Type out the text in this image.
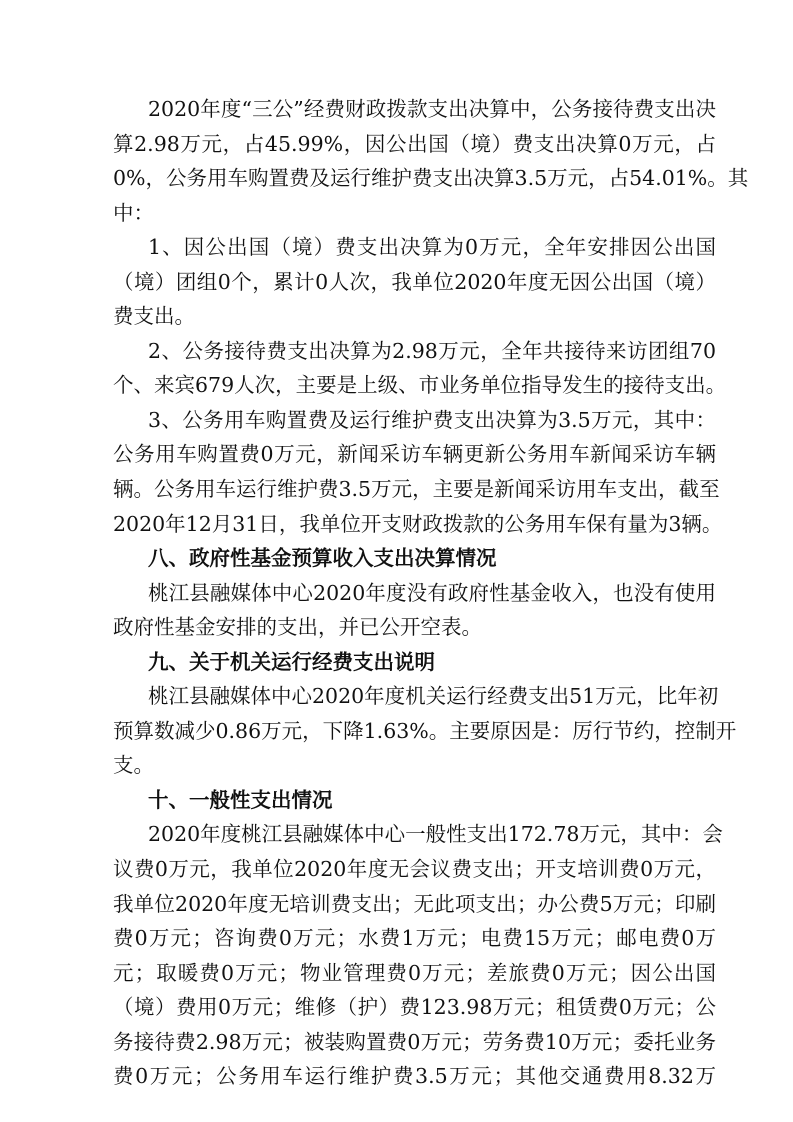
2020年度“三公”经费财政拨款支出决算中，公务接待费支出决
算2.98万元，占45.99%，因公出国（境）费支出决算0万元，占
0%，公务用车购置费及运行维护费支出决算3.5万元，占54.01%。其
中：
1、因公出国（境）费支出决算为0万元，全年安排因公出国
（境）团组0个，累计0人次，我单位2020年度无因公出国（境）
费支出。
2、公务接待费支出决算为2.98万元，全年共接待来访团组70
个、来宾679人次，主要是上级、市业务单位指导发生的接待支出。
3、公务用车购置费及运行维护费支出决算为3.5万元，其中：
公务用车购置费0万元，新闻采访车辆更新公务用车新闻采访车辆
辆。公务用车运行维护费3.5万元，主要是新闻采访用车支出，截至
2020年12月31日，我单位开支财政拨款的公务用车保有量为3辆。
八、政府性基金预算收入支出决算情况
桃江县融媒体中心2020年度没有政府性基金收入，也没有使用
政府性基金安排的支出，并已公开空表。
九、关于机关运行经费支出说明
桃江县融媒体中心2020年度机关运行经费支出51万元，比年初
预算数减少0.86万元，下降1.63%。主要原因是：厉行节约，控制开
支。
十、一般性支出情况
2020年度桃江县融媒体中心一般性支出172.78万元，其中：会
议费0万元，我单位2020年度无会议费支出；开支培训费0万元，
我单位2020年度无培训费支出；无此项支出；办公费5万元；印刷
费0万元；咨询费0万元；水费1万元；电费15万元；邮电费0万
元；取暖费0万元；物业管理费0万元；差旅费0万元；因公出国
（境）费用0万元；维修（护）费123.98万元；租赁费0万元；公
务接待费2.98万元；被装购置费0万元；劳务费10万元；委托业务
费0万元；公务用车运行维护费3.5万元；其他交通费用8.32万
